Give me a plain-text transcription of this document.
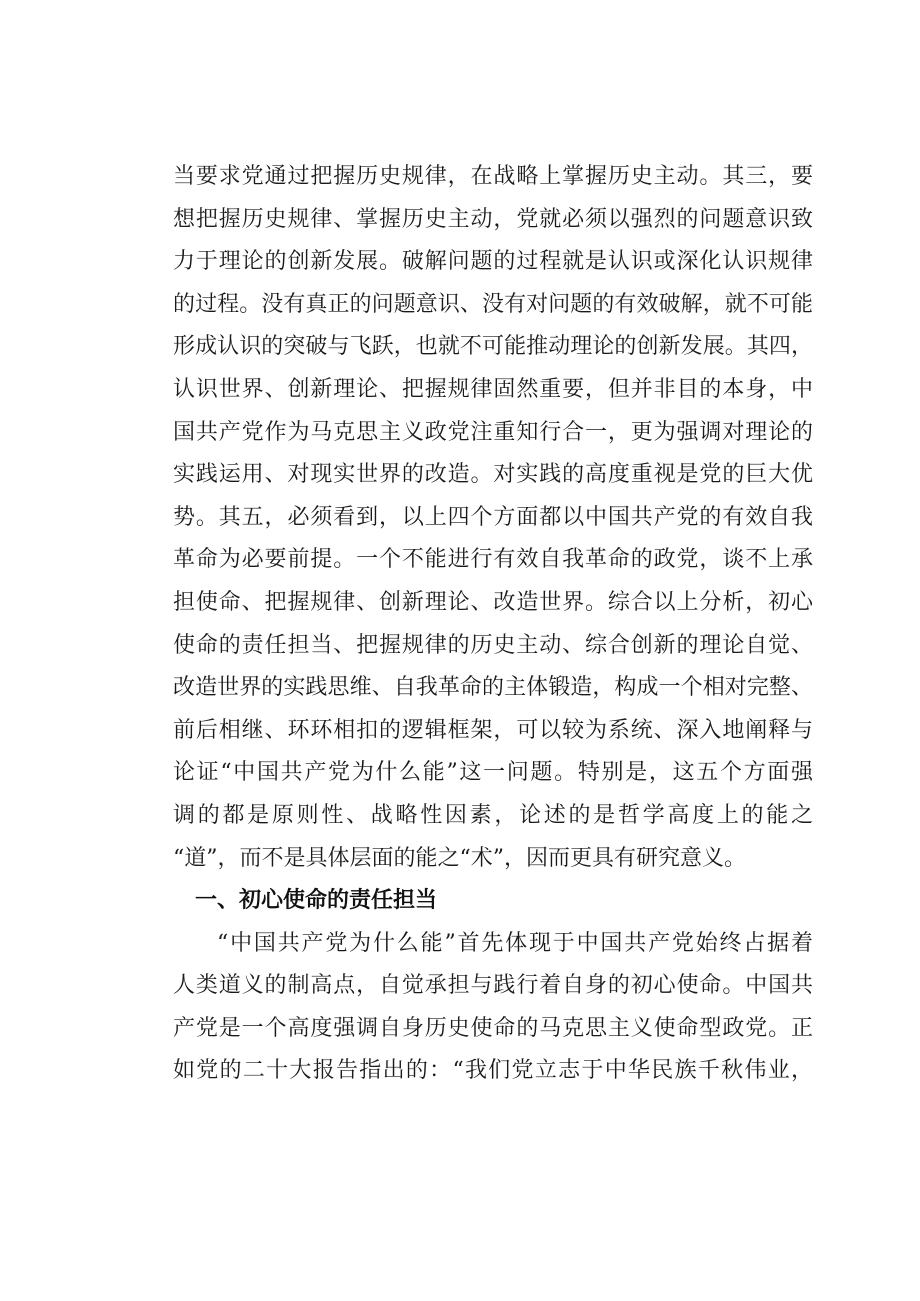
当要求党通过把握历史规律，在战略上掌握历史主动。其三，要
想把握历史规律、掌握历史主动，党就必须以强烈的问题意识致
力于理论的创新发展。破解问题的过程就是认识或深化认识规律
的过程。没有真正的问题意识、没有对问题的有效破解，就不可能
形成认识的突破与飞跃，也就不可能推动理论的创新发展。其四，
认识世界、创新理论、把握规律固然重要，但并非目的本身，中
国共产党作为马克思主义政党注重知行合一，更为强调对理论的
实践运用、对现实世界的改造。对实践的高度重视是党的巨大优
势。其五，必须看到，以上四个方面都以中国共产党的有效自我
革命为必要前提。一个不能进行有效自我革命的政党，谈不上承
担使命、把握规律、创新理论、改造世界。综合以上分析，初心
使命的责任担当、把握规律的历史主动、综合创新的理论自觉、
改造世界的实践思维、自我革命的主体锻造，构成一个相对完整、
前后相继、环环相扣的逻辑框架，可以较为系统、深入地阐释与
论证“中国共产党为什么能”这一问题。特别是，这五个方面强
调的都是原则性、战略性因素，论述的是哲学高度上的能之
“道”，而不是具体层面的能之“术”，因而更具有研究意义。
一、初心使命的责任担当
“中国共产党为什么能”首先体现于中国共产党始终占据着
人类道义的制高点，自觉承担与践行着自身的初心使命。中国共
产党是一个高度强调自身历史使命的马克思主义使命型政党。正
如党的二十大报告指出的：“我们党立志于中华民族千秋伟业，
